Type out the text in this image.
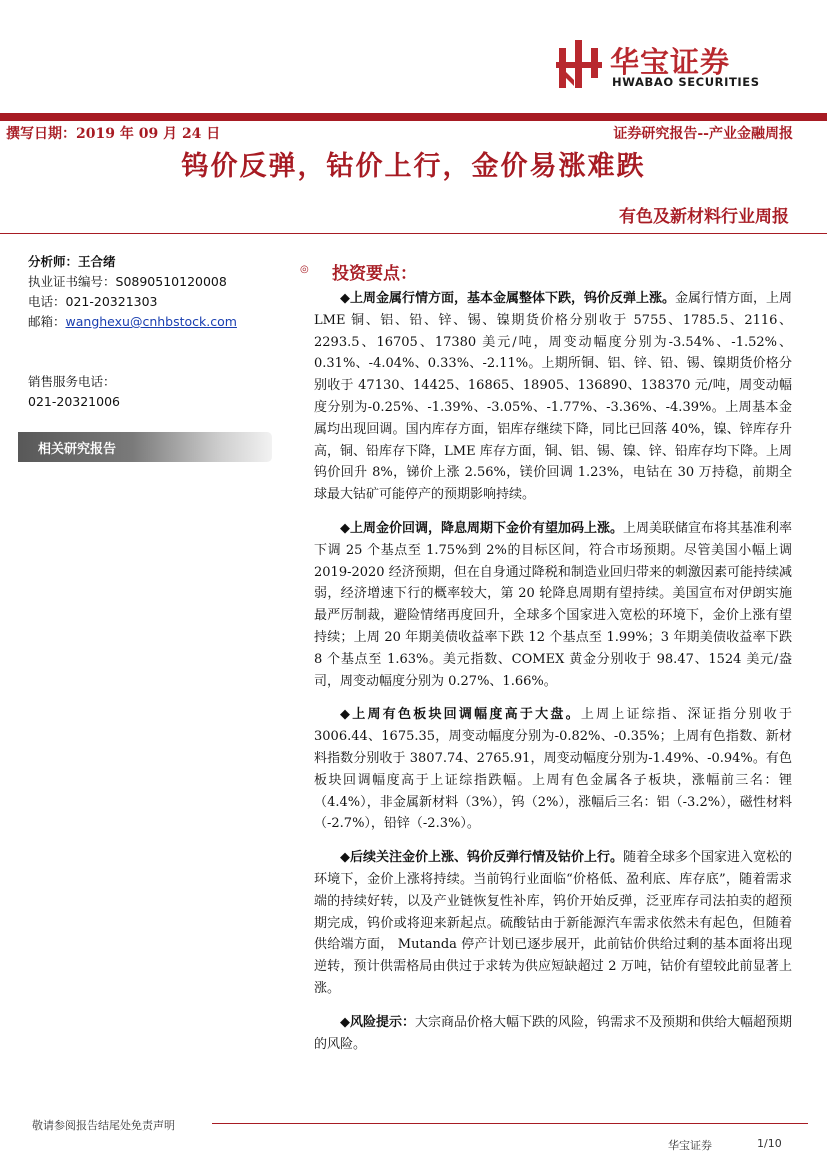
华宝证券
HWABAO SECURITIES
撰写日期：2019 年 09 月 24 日	证券研究报告--产业金融周报
钨价反弹，钴价上行，金价易涨难跌
有色及新材料行业周报
分析师：王合绪
执业证书编号：S0890510120008
电话：021-20321303
邮箱：wanghexu@cnhbstock.com
销售服务电话：
021-20321006
相关研究报告
◎ 投资要点：

◆上周金属行情方面，基本金属整体下跌，钨价反弹上涨。金属行情方面，上周 LME 铜、铝、铅、锌、锡、镍期货价格分别收于 5755、1785.5、2116、2293.5、16705、17380 美元/吨，周变动幅度分别为-3.54%、-1.52%、0.31%、-4.04%、0.33%、-2.11%。上期所铜、铝、锌、铅、锡、镍期货价格分别收于 47130、14425、16865、18905、136890、138370 元/吨，周变动幅度分别为-0.25%、-1.39%、-3.05%、-1.77%、-3.36%、-4.39%。上周基本金属均出现回调。国内库存方面，铝库存继续下降，同比已回落 40%，镍、锌库存升高，铜、铅库存下降，LME 库存方面，铜、铝、锡、镍、锌、铅库存均下降。上周钨价回升 8%，锑价上涨 2.56%，镁价回调 1.23%，电钴在 30 万持稳，前期全球最大钴矿可能停产的预期影响持续。

◆上周金价回调，降息周期下金价有望加码上涨。上周美联储宣布将其基准利率下调 25 个基点至 1.75%到 2%的目标区间，符合市场预期。尽管美国小幅上调 2019-2020 经济预期，但在自身通过降税和制造业回归带来的刺激因素可能持续减弱，经济增速下行的概率较大，第 20 轮降息周期有望持续。美国宣布对伊朗实施最严厉制裁，避险情绪再度回升，全球多个国家进入宽松的环境下，金价上涨有望持续；上周 20 年期美债收益率下跌 12 个基点至 1.99%；3 年期美债收益率下跌 8 个基点至 1.63%。美元指数、COMEX 黄金分别收于 98.47、1524 美元/盎司，周变动幅度分别为 0.27%、1.66%。

◆上周有色板块回调幅度高于大盘。上周上证综指、深证指分别收于 3006.44、1675.35，周变动幅度分别为-0.82%、-0.35%；上周有色指数、新材料指数分别收于 3807.74、2765.91，周变动幅度分别为-1.49%、-0.94%。有色板块回调幅度高于上证综指跌幅。上周有色金属各子板块，涨幅前三名：锂（4.4%），非金属新材料（3%），钨（2%），涨幅后三名：铝（-3.2%），磁性材料（-2.7%），铅锌（-2.3%）。

◆后续关注金价上涨、钨价反弹行情及钴价上行。随着全球多个国家进入宽松的环境下，金价上涨将持续。当前钨行业面临“价格低、盈利底、库存底”，随着需求端的持续好转，以及产业链恢复性补库，钨价开始反弹，泛亚库存司法拍卖的超预期完成，钨价或将迎来新起点。硫酸钴由于新能源汽车需求依然未有起色，但随着供给端方面， Mutanda 停产计划已逐步展开，此前钴价供给过剩的基本面将出现逆转，预计供需格局由供过于求转为供应短缺超过 2 万吨，钴价有望较此前显著上涨。

◆风险提示：大宗商品价格大幅下跌的风险，钨需求不及预期和供给大幅超预期的风险。

敬请参阅报告结尾处免责声明
华宝证券	1/10
